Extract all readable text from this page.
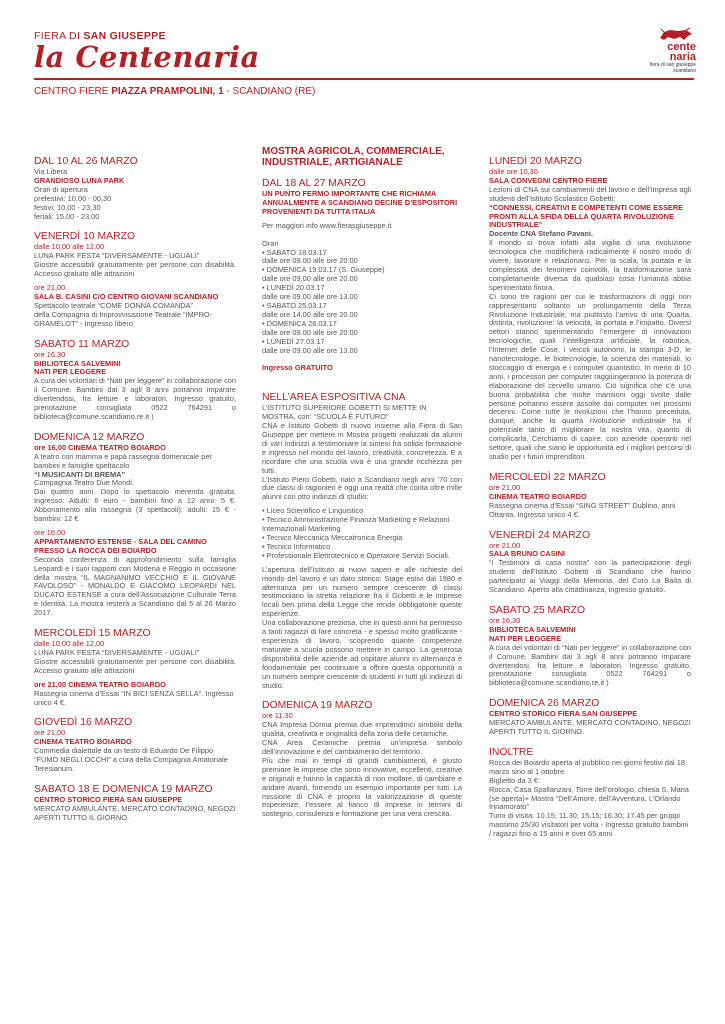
FIERA DI SAN GIUSEPPE
la Centenaria	cente
naria
fiera di san giuseppe
scandiano
CENTRO FIERE PIAZZA PRAMPOLINI, 1 - SCANDIANO (RE)

DAL 10 AL 26 MARZO

Via Libera

GRANDIOSO LUNA PARK

Orari di apertura

prefestivi: 10,00 - 00,30

festivi: 10,00 - 23,30

feriali: 15,00 - 23,00

VENERDÌ 10 MARZO

dalle 10,00 alle 12,00

LUNA PARK FESTA “DIVERSAMENTE - UGUALI”

Giostre accessibili gratuitamente per persone con disabilità. Accesso gratuito alle attrazioni

ore 21,00

SALA B. CASINI C/O CENTRO GIOVANI SCANDIANO

Spettacolo teatrale “COME DONNA COMANDA”

della Compagnia di Improvvisazione Teatrale “IMPRO-GRAMELOT” - Ingresso libero

SABATO 11 MARZO

ore 16,30

BIBLIOTECA SALVEMINI

NATI PER LEGGERE

A cura dei volontari di “Nati per leggere” in collaborazione con il Comune. Bambini dai 3 agli 8 anni potranno imparare divertendosi, fra letture e laboratori. Ingresso gratuito, prenotazione consigliata 0522 764291 o biblioteca@comune.scandiano.re.it )

DOMENICA 12 MARZO

ore 16,00 CINEMA TEATRO BOIARDO

A teatro con mamma e papà rassegna domenicale per bambini e famiglie spettacolo

“I MUSICANTI DI BREMA”

Compagnia Teatro Due Mondi.

Dai quattro anni. Dopo lo spettacolo merenda gratuita. Ingresso: Adulti: 6 euro - bambini fino a 12 anni: 5 €. Abbonamento alla rassegna (3 spettacoli): adulti: 15 € - bambini: 12 €

ore 16,00

APPARTAMENTO ESTENSE - SALA DEL CAMINO PRESSO LA ROCCA DEI BOIARDO

Seconda conferenza di approfondimento sulla famiglia Leopardi e i suoi rapporti con Modena e Reggio in occasione della mostra “IL MAGNANIMO VECCHIO E IL GIOVANE FAVOLOSO” - MONALDO E GIACOMO LEOPARDI NEL DUCATO ESTENSE a cura dell’Associazione Culturale Terra e Identità. La mostra resterà a Scandiano dal 5 al 26 Marzo 2017.

MERCOLEDÌ 15 MARZO

dalle 10,00 alle 12,00

LUNA PARK FESTA “DIVERSAMENTE - UGUALI”

Giostre accessibili gratuitamente per persone con disabilità. Accesso gratuito alle attrazioni

ore 21,00 CINEMA TEATRO BOIARDO

Rassegna cinema d’Essai “IN BICI SENZA SELLA”. Ingresso unico 4 €.

GIOVEDÌ 16 MARZO

ore 21,00

CINEMA TEATRO BOIARDO

Commedia dialettale da un testo di Eduardo De Filippo “FUMO NEGLI OCCHI” a cura della Compagnia Amatoriale Teresianum.

SABATO 18 E DOMENICA 19 MARZO

CENTRO STORICO FIERA SAN GIUSEPPE

MERCATO AMBULANTE, MERCATO CONTADINO, NEGOZI APERTI TUTTO IL GIORNO.

MOSTRA AGRICOLA, COMMERCIALE, INDUSTRIALE, ARTIGIANALE

DAL 18 AL 27 MARZO

UN PUNTO FERMO IMPORTANTE CHE RICHIAMA ANNUALMENTE A SCANDIANO DECINE D’ESPOSITORI PROVENIENTI DA TUTTA ITALIA

Per maggiori info www.fierasgiuseppe.it

Orari

• SABATO 18.03.17

dalle ore 09.00 alle ore 20.00

• DOMENICA 19.03.17 (S. Giuseppe)

dalle ore 09.00 alle ore 20.00

• LUNEDÌ 20.03.17

dalle ore 09.00 alle ore 13.00

• SABATO 25.03.17

dalle ore 14.00 alle ore 20.00

• DOMENICA 26.03.17

dalle ore 09.00 alle ore 20.00

• LUNEDÌ 27.03.17

dalle ore 09.00 alle ore 13.00

Ingresso GRATUITO

NELL’AREA ESPOSITIVA CNA

L’ISTITUTO SUPERIORE GOBETTI SI METTE IN MOSTRA, con: “SCUOLA È FUTURO”

CNA e Istituto Gobetti di nuovo insieme alla Fiera di San Giuseppe per mettere in Mostra progetti realizzati da alunni di vari indirizzi a testimoniare la sintesi fra solida formazione e ingresso nel mondo del lavoro, creatività, concretezza. E a ricordare che una scuola viva è una grande ricchezza per tutti.

L’Istituto Piero Gobetti, nato a Scandiano negli anni ’70 con due classi di ragionieri è oggi una realtà che conta oltre mille alunni con otto indirizzi di studio:

• Liceo Scientifico e Linguistico

• Tecnico Amministrazione Finanza Marketing e Relazioni Internazionali Marketing

• Tecnico Meccanica Meccatronica Energia

• Tecnico Informatico

• Professionale Elettrotecnico e Operatore Servizi Sociali.

L’apertura dell’Istituto ai nuovi saperi e alle richieste del mondo del lavoro è un dato storico: Stage estivi dal 1980 e alternanza per un numero sempre crescente di classi testimoniano la stretta relazione fra il Gobetti e le imprese locali ben prima della Legge che rende obbligatorie queste esperienze.

Una collaborazione preziosa, che in questi anni ha permesso a tanti ragazzi di fare concreta - e spesso molto gratificante - esperienza di lavoro, scoprendo quante competenze maturate a scuola possono mettere in campo. La generosa disponibilità delle aziende ad ospitare alunni in alternanza è fondamentale per continuare a offrire questa opportunità a un numero sempre crescente di studenti in tutti gli indirizzi di studio.

DOMENICA 19 MARZO

ore 11.30

CNA Impresa Donna premia due imprenditrici simbolo della qualità, creatività e originalità della zona delle ceramiche.

CNA Area Ceramiche premia un’impresa simbolo dell’innovazione e del cambiamento del territorio.

Più che mai in tempi di grandi cambiamenti, è giusto premiare le imprese che sono innovative, eccellenti, creative e originali e hanno la capacità di non mollare, di cambiare e andare avanti, fornendo un esempio importante per tutti. La missione di CNA è proprio la valorizzazione di queste esperienze, l’essere al fianco di imprese in termini di sostegno, consulenza e formazione per una vera crescita.

LUNEDÌ 20 MARZO

dalle ore 10,30

SALA CONVEGNI CENTRO FIERE

Lezioni di CNA sui cambiamenti del lavoro e dell’impresa agli studenti dell’Istituto Scolastico Gobetti:

“CONNESSI, CREATIVI E COMPETENTI COME ESSERE PRONTI ALLA SFIDA DELLA QUARTA RIVOLUZIONE INDUSTRIALE”

Docente CNA Stefano Pavani.

Il mondo si trova infatti alla vigilia di una rivoluzione tecnologica che modificherà radicalmente il nostro modo di vivere, lavorare e relazionarci. Per la scala, la portata e la complessità dei fenomeni coinvolti, la trasformazione sarà completamente diversa da qualsiasi cosa l’umanità abbia sperimentato finora.

Ci sono tre ragioni per cui le trasformazioni di oggi non rappresentano soltanto un prolungamento della Terza Rivoluzione Industriale, ma piuttosto l’arrivo di una Quarta, distinta, rivoluzione: la velocità, la portata e l’impatto. Diversi settori stanno sperimentando l’emergere di innovazioni tecnologiche, quali l’intelligenza artificiale, la robotica, l’Internet delle Cose, i veicoli autonomi, la stampa 3-D, le nanotecnologie, le biotecnologie, la scienza dei materiali, lo stoccaggio di energia e i computer quantistici. In meno di 10 anni, i processori per computer raggiungeranno la potenza di elaborazione del cervello umano. Ciò significa che c’è una buona probabilità che molte mansioni oggi svolte dalle persone potranno essere assolte dai computer nei prossimi decenni. Come tutte le rivoluzioni che l’hanno preceduta, dunque, anche la quarta rivoluzione industriale ha il potenziale tanto di migliorare la nostra vita, quanto di complicarla. Cerchiamo di capire, con aziende operanti nel settore, quali che siano le opportunità ed i migliori percorsi di studio per i futuri imprenditori.

MERCOLEDÌ 22 MARZO

ore 21,00

CINEMA TEATRO BOIARDO

Rassegna cinema d’Essai “SING STREET” Dublino, anni Ottanta. Ingresso unico 4 €.

VENERDÌ 24 MARZO

ore 21,00

SALA BRUNO CASINI

“I Testimoni di casa nostra” con la partecipazione degli studenti dell’Istituto Gobetti di Scandiano che hanno partecipato ai Viaggi della Memoria, del Coro La Baita di Scandiano. Aperto alla cittadinanza, ingresso gratuito.

SABATO 25 MARZO

ore 16,30

BIBLIOTECA SALVEMINI

NATI PER LEGGERE

A cura dei volontari di “Nati per leggere” in collaborazione con il Comune. Bambini dai 3 agli 8 anni potranno imparare divertendosi, fra letture e laboratori. Ingresso gratuito, prenotazione consigliata 0522 764291 o biblioteca@comune.scandiano.re.it )

DOMENICA 26 MARZO

CENTRO STORICO FIERA SAN GIUSEPPE

MERCATO AMBULANTE, MERCATO CONTADINO, NEGOZI APERTI TUTTO IL GIORNO.

INOLTRE

Rocca dei Boiardo aperta al pubblico nei giorni festivi dal 18 marzo sino al 1 ottobre

Biglietto da 3 €:

Rocca, Casa Spallanzani, Torre dell’orologio, chiesa S. Maria (se aperta)+ Mostra “Dell’Amore, dell’Avventura. L’Orlando Innamorato”

Turni di visita: 10.15; 11.30; 15.15; 16.30; 17.45 per gruppi massimo 25/30 visitatori per volta - Ingresso gratuito bambini / ragazzi fino a 15 anni e over 65 anni
